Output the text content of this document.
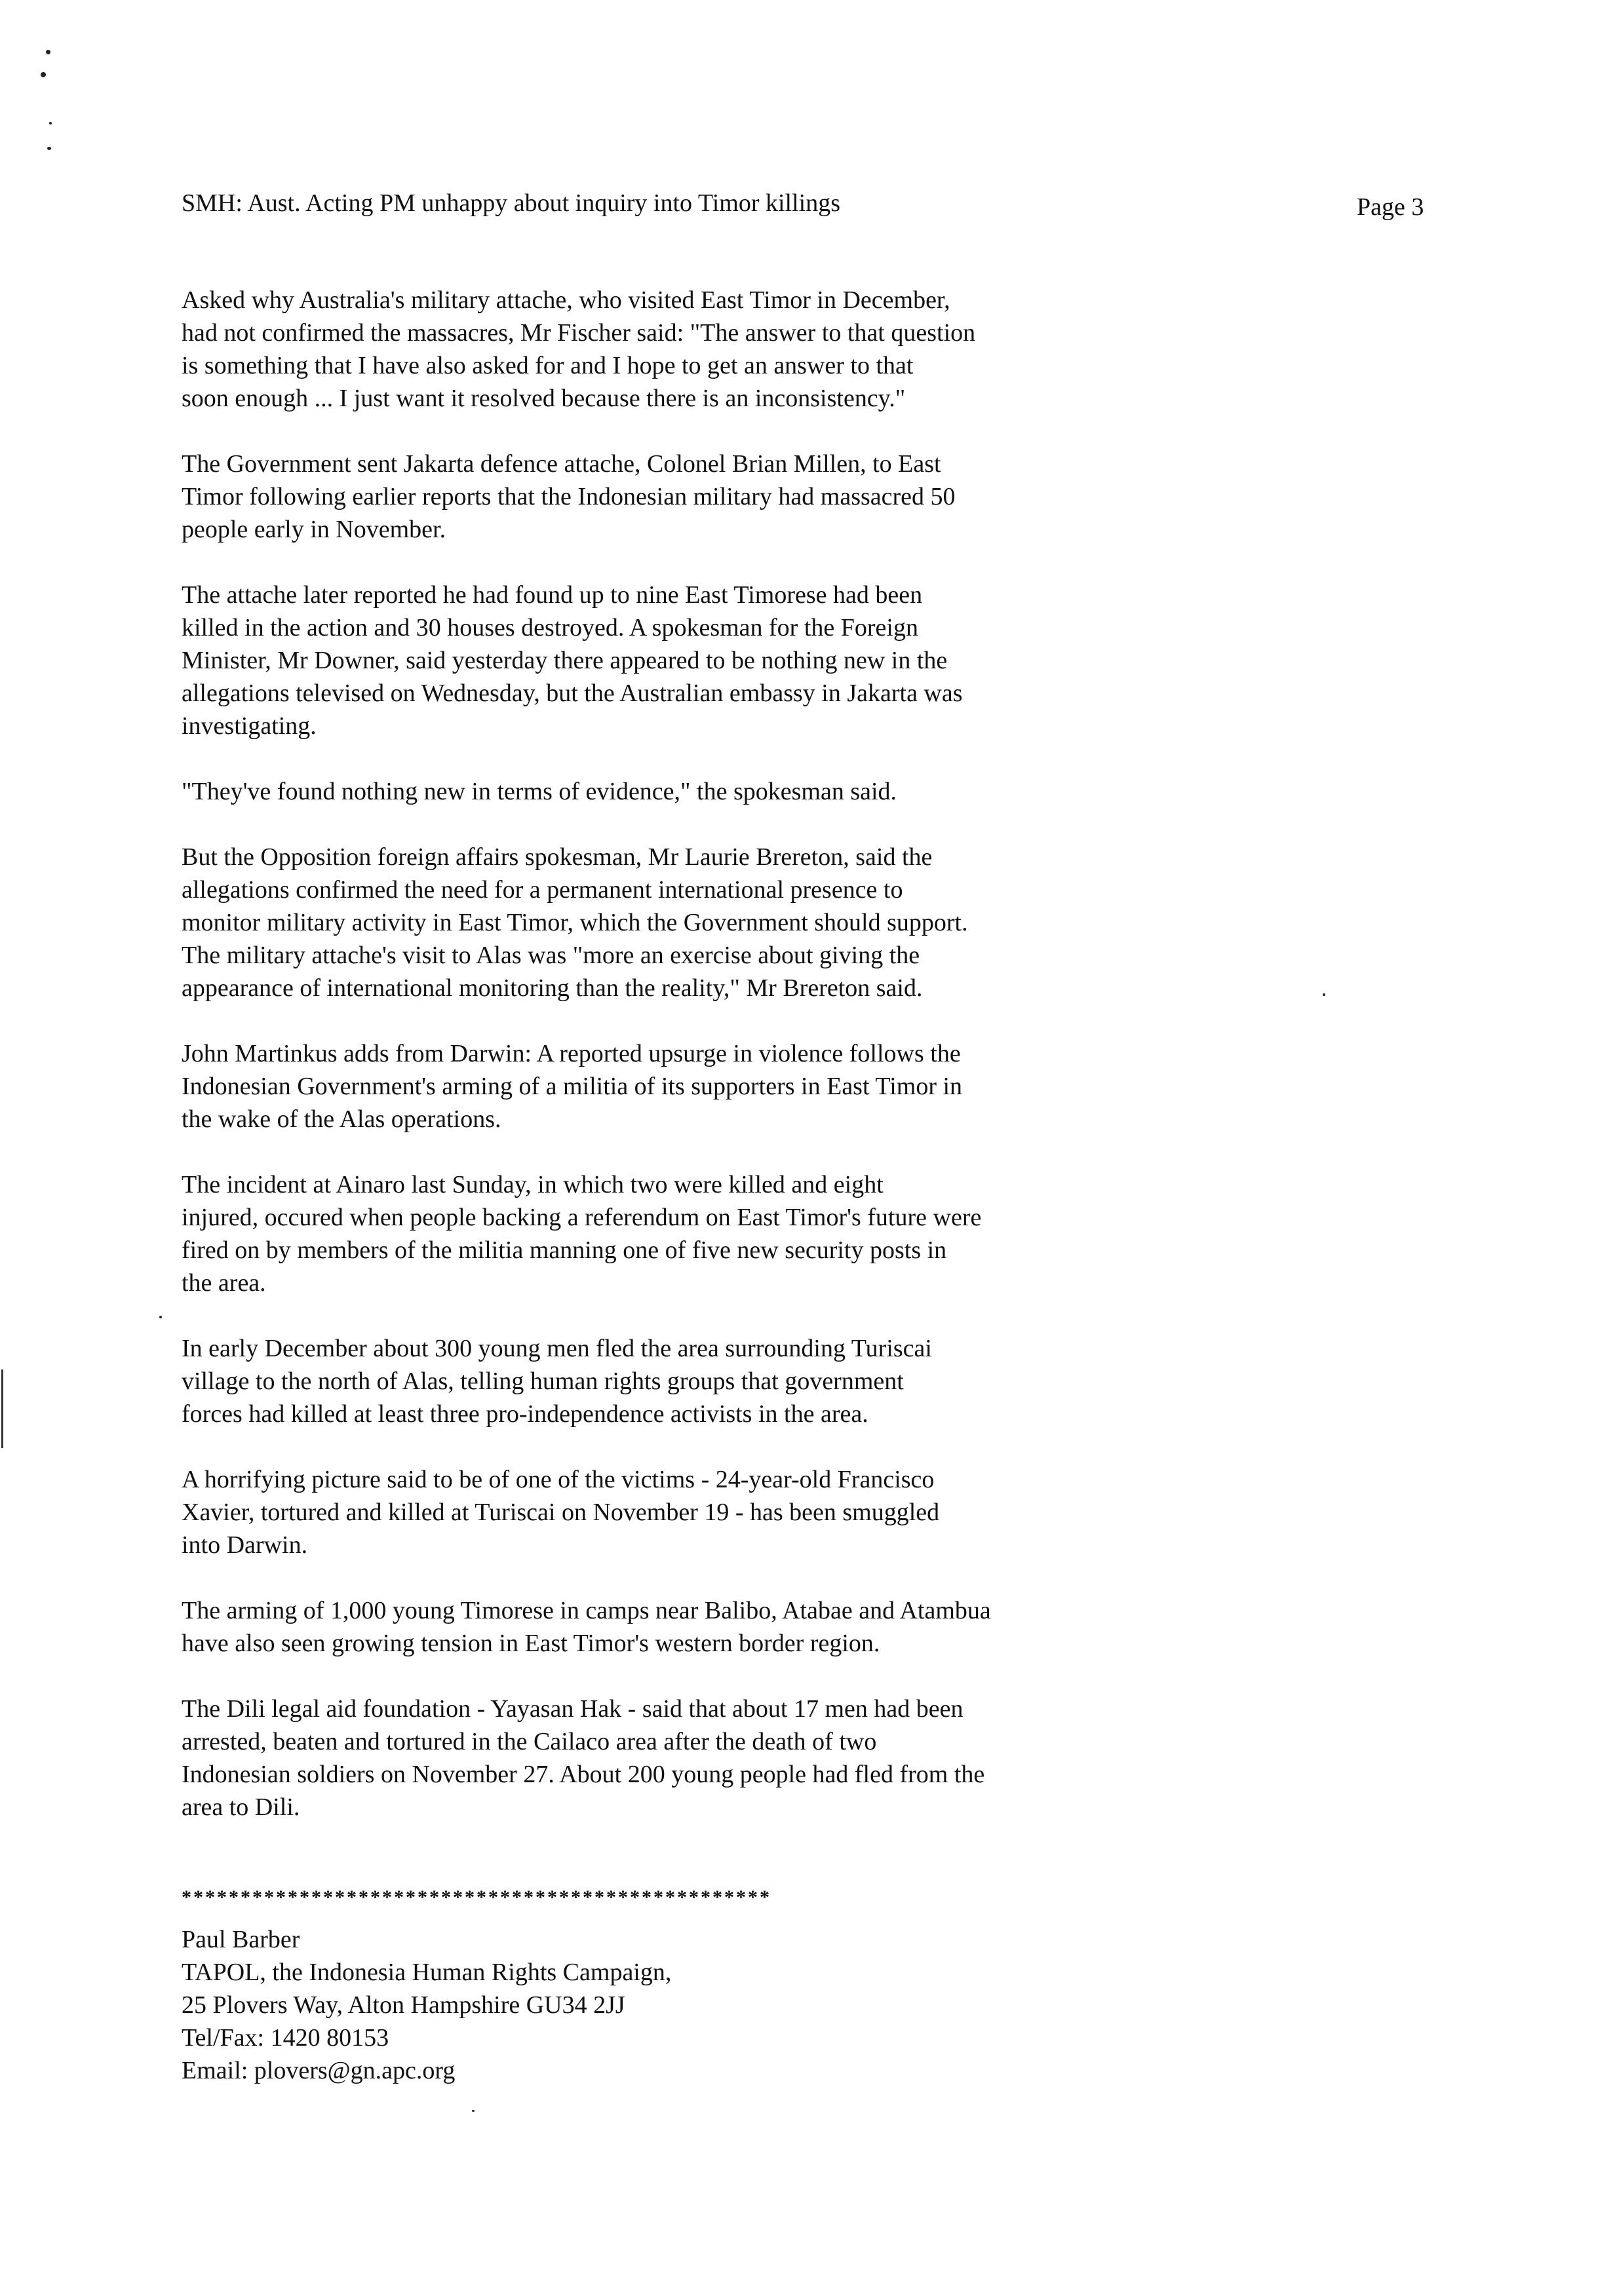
SMH: Aust. Acting PM unhappy about inquiry into Timor killings	Page 3

Asked why Australia's military attache, who visited East Timor in December,
had not confirmed the massacres, Mr Fischer said: "The answer to that question
is something that I have also asked for and I hope to get an answer to that
soon enough ... I just want it resolved because there is an inconsistency."

The Government sent Jakarta defence attache, Colonel Brian Millen, to East
Timor following earlier reports that the Indonesian military had massacred 50
people early in November.

The attache later reported he had found up to nine East Timorese had been
killed in the action and 30 houses destroyed. A spokesman for the Foreign
Minister, Mr Downer, said yesterday there appeared to be nothing new in the
allegations televised on Wednesday, but the Australian embassy in Jakarta was
investigating.

"They've found nothing new in terms of evidence," the spokesman said.

But the Opposition foreign affairs spokesman, Mr Laurie Brereton, said the
allegations confirmed the need for a permanent international presence to
monitor military activity in East Timor, which the Government should support.
The military attache's visit to Alas was "more an exercise about giving the
appearance of international monitoring than the reality," Mr Brereton said.

John Martinkus adds from Darwin: A reported upsurge in violence follows the
Indonesian Government's arming of a militia of its supporters in East Timor in
the wake of the Alas operations.

The incident at Ainaro last Sunday, in which two were killed and eight
injured, occured when people backing a referendum on East Timor's future were
fired on by members of the militia manning one of five new security posts in
the area.

In early December about 300 young men fled the area surrounding Turiscai
village to the north of Alas, telling human rights groups that government
forces had killed at least three pro-independence activists in the area.

A horrifying picture said to be of one of the victims - 24-year-old Francisco
Xavier, tortured and killed at Turiscai on November 19 - has been smuggled
into Darwin.

The arming of 1,000 young Timorese in camps near Balibo, Atabae and Atambua
have also seen growing tension in East Timor's western border region.

The Dili legal aid foundation - Yayasan Hak - said that about 17 men had been
arrested, beaten and tortured in the Cailaco area after the death of two
Indonesian soldiers on November 27. About 200 young people had fled from the
area to Dili.

**************************************************
Paul Barber
TAPOL, the Indonesia Human Rights Campaign,
25 Plovers Way, Alton Hampshire GU34 2JJ
Tel/Fax: 1420 80153
Email: plovers@gn.apc.org
